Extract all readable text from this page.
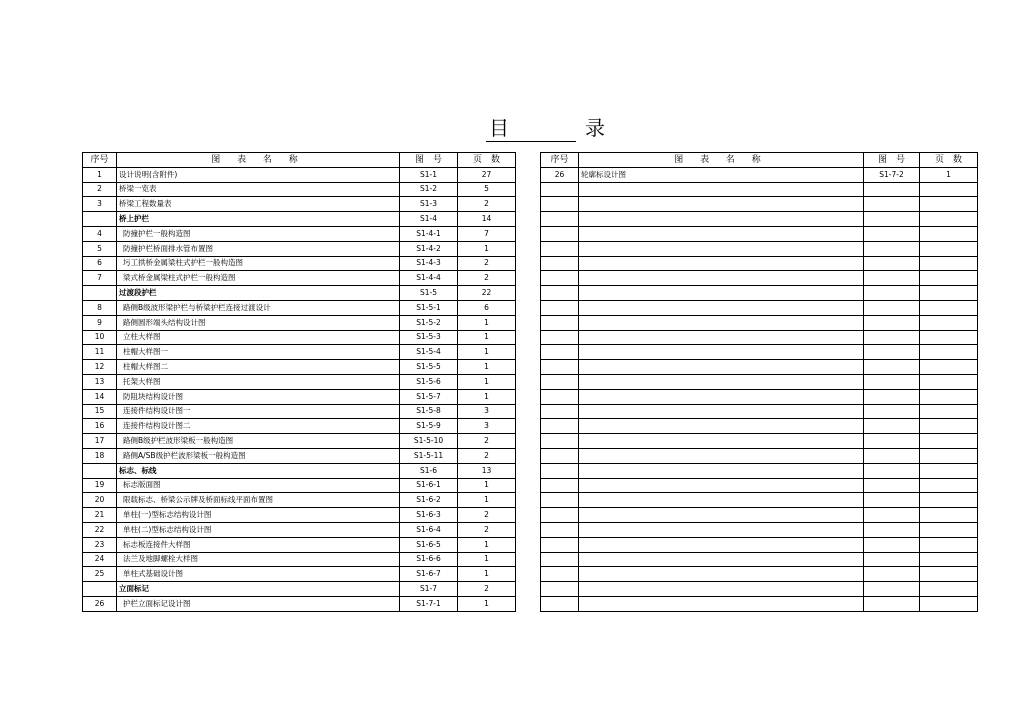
目　录
序号	图 表 名 称	图　号	页　数
1	设计说明(含附件)	S1-1	27
2	桥梁一览表	S1-2	5
3	桥梁工程数量表	S1-3	2
	桥上护栏	S1-4	14
4	防撞护栏一般构造图	S1-4-1	7
5	防撞护栏桥面排水管布置图	S1-4-2	1
6	圬工拱桥金属梁柱式护栏一般构造图	S1-4-3	2
7	梁式桥金属梁柱式护栏一般构造图	S1-4-4	2
	过渡段护栏	S1-5	22
8	路侧B级波形梁护栏与桥梁护栏连接过渡设计	S1-5-1	6
9	路侧圆形端头结构设计图	S1-5-2	1
10	立柱大样图	S1-5-3	1
11	柱帽大样图一	S1-5-4	1
12	柱帽大样图二	S1-5-5	1
13	托架大样图	S1-5-6	1
14	防阻块结构设计图	S1-5-7	1
15	连接件结构设计图一	S1-5-8	3
16	连接件结构设计图二	S1-5-9	3
17	路侧B级护栏波形梁板一般构造图	S1-5-10	2
18	路侧A/SB级护栏波形梁板一般构造图	S1-5-11	2
	标志、标线	S1-6	13
19	标志版面图	S1-6-1	1
20	限载标志、桥梁公示牌及桥面标线平面布置图	S1-6-2	1
21	单柱(一)型标志结构设计图	S1-6-3	2
22	单柱(二)型标志结构设计图	S1-6-4	2
23	标志板连接件大样图	S1-6-5	1
24	法兰及地脚螺栓大样图	S1-6-6	1
25	单柱式基础设计图	S1-6-7	1
	立面标记	S1-7	2
26	护栏立面标记设计图	S1-7-1	1
序号	图 表 名 称	图　号	页　数
26	轮廓标设计图	S1-7-2	1
